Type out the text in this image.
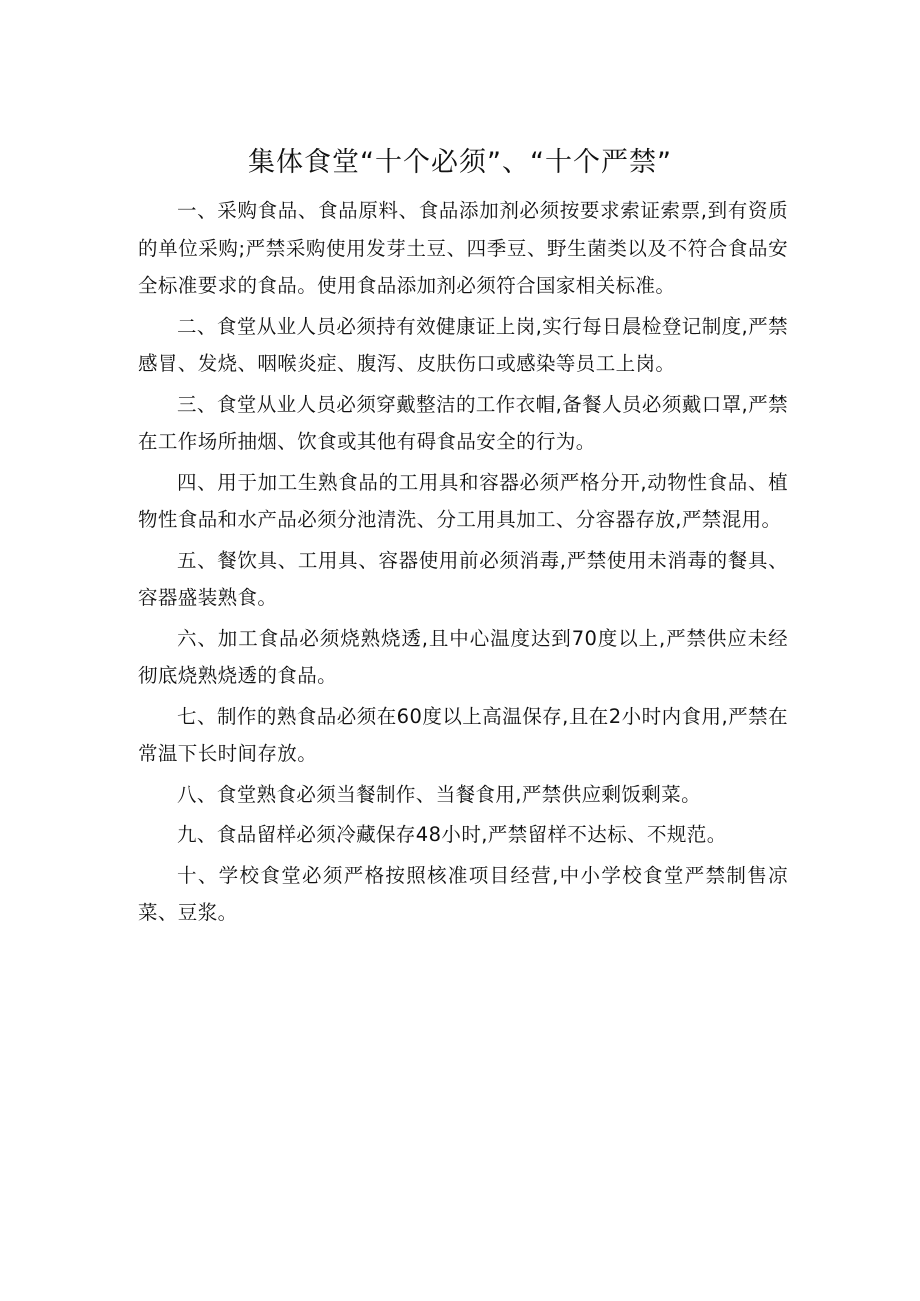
集体食堂“十个必须”、“十个严禁”

一、采购食品、食品原料、食品添加剂必须按要求索证索票,到有资质的单位采购;严禁采购使用发芽土豆、四季豆、野生菌类以及不符合食品安全标准要求的食品。使用食品添加剂必须符合国家相关标准。

二、食堂从业人员必须持有效健康证上岗,实行每日晨检登记制度,严禁感冒、发烧、咽喉炎症、腹泻、皮肤伤口或感染等员工上岗。

三、食堂从业人员必须穿戴整洁的工作衣帽,备餐人员必须戴口罩,严禁在工作场所抽烟、饮食或其他有碍食品安全的行为。

四、用于加工生熟食品的工用具和容器必须严格分开,动物性食品、植物性食品和水产品必须分池清洗、分工用具加工、分容器存放,严禁混用。

五、餐饮具、工用具、容器使用前必须消毒,严禁使用未消毒的餐具、容器盛装熟食。

六、加工食品必须烧熟烧透,且中心温度达到70度以上,严禁供应未经彻底烧熟烧透的食品。

七、制作的熟食品必须在60度以上高温保存,且在2小时内食用,严禁在常温下长时间存放。

八、食堂熟食必须当餐制作、当餐食用,严禁供应剩饭剩菜。

九、食品留样必须冷藏保存48小时,严禁留样不达标、不规范。

十、学校食堂必须严格按照核准项目经营,中小学校食堂严禁制售凉菜、豆浆。
